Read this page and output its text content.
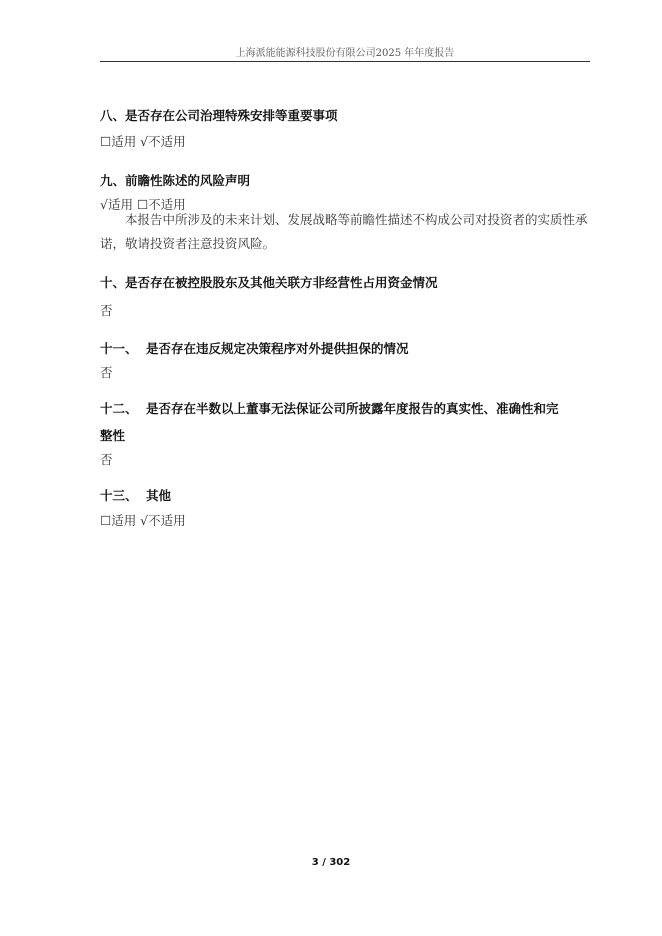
上海派能能源科技股份有限公司2025 年年度报告
八、是否存在公司治理特殊安排等重要事项
☐适用 √不适用
九、前瞻性陈述的风险声明
√适用 ☐不适用
本报告中所涉及的未来计划、发展战略等前瞻性描述不构成公司对投资者的实质性承诺，敬请投资者注意投资风险。
十、是否存在被控股股东及其他关联方非经营性占用资金情况
否
十一、 是否存在违反规定决策程序对外提供担保的情况
否
十二、 是否存在半数以上董事无法保证公司所披露年度报告的真实性、准确性和完
整性
否
十三、 其他
☐适用 √不适用
3 / 302
